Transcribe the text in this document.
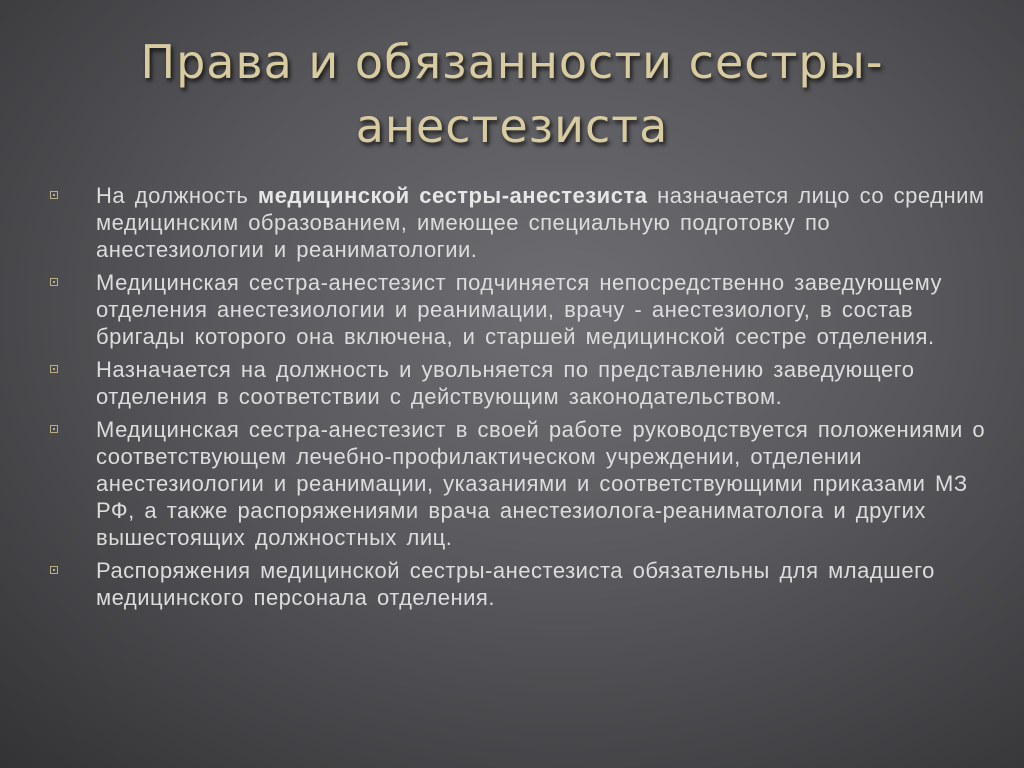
Права и обязанности сестры-
анестезиста
На должность медицинской сестры-анестезиста назначается лицо со средним медицинским образованием, имеющее специальную подготовку по анестезиологии и реаниматологии.
Медицинская сестра-анестезист подчиняется непосредственно заведующему отделения анестезиологии и реанимации, врачу - анестезиологу, в состав бригады которого она включена, и старшей медицинской сестре отделения.
Назначается на должность и увольняется по представлению заведующего отделения в соответствии с действующим законодательством.
Медицинская сестра-анестезист в своей работе руководствуется положениями о соответствующем лечебно-профилактическом учреждении, отделении анестезиологии и реанимации, указаниями и соответствующими приказами МЗ РФ, а также распоряжениями врача анестезиолога-реаниматолога и других вышестоящих должностных лиц.
Распоряжения медицинской сестры-анестезиста обязательны для младшего медицинского персонала отделения.
